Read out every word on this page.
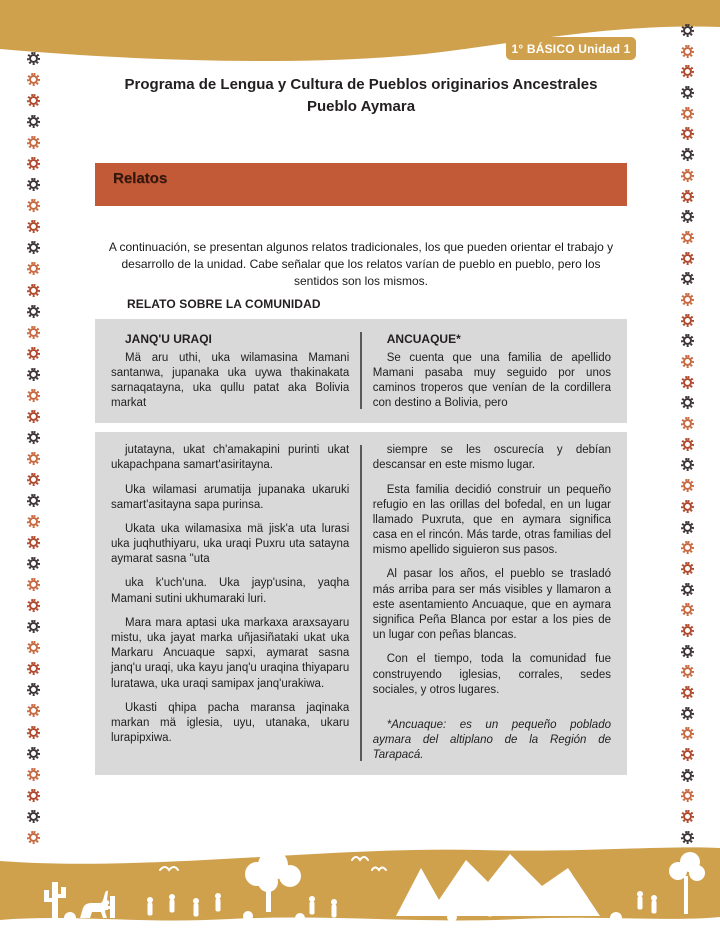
1° BÁSICO Unidad 1
Programa de Lengua y Cultura de Pueblos originarios Ancestrales
Pueblo Aymara
Relatos

A continuación, se presentan algunos relatos tradicionales, los que pueden orientar el trabajo y desarrollo de la unidad. Cabe señalar que los relatos varían de pueblo en pueblo, pero los sentidos son los mismos.

RELATO SOBRE LA COMUNIDAD
JANQ'U URAQI

Mä aru uthi, uka wilamasina Mamani santanwa, jupanaka uka uywa thakinakata sarnaqatayna, uka qullu patat aka Bolivia markat

ANCUAQUE*

Se cuenta que una familia de apellido Mamani pasaba muy seguido por unos caminos troperos que venían de la cordillera con destino a Bolivia, pero

jutatayna, ukat ch'amakapini purinti ukat ukapachpana samart'asiritayna.

Uka wilamasi arumatija jupanaka ukaruki samart'asitayna sapa purinsa.

Ukata uka wilamasixa mä jisk'a uta lurasi uka juqhuthiyaru, uka uraqi Puxru uta satayna aymarat sasna "uta

uka k'uch'una. Uka jayp'usina, yaqha Mamani sutini ukhumaraki luri.

Mara mara aptasi uka markaxa araxsayaru mistu, uka jayat marka uñjasiñataki ukat uka Markaru Ancuaque sapxi, aymarat sasna janq'u uraqi, uka kayu janq'u uraqina thiyaparu luratawa, uka uraqi samipax janq'urakiwa.

Ukasti qhipa pacha maransa jaqinaka markan mä iglesia, uyu, utanaka, ukaru lurapipxiwa.

siempre se les oscurecía y debían descansar en este mismo lugar.

Esta familia decidió construir un pequeño refugio en las orillas del bofedal, en un lugar llamado Puxruta, que en aymara significa casa en el rincón. Más tarde, otras familias del mismo apellido siguieron sus pasos.

Al pasar los años, el pueblo se trasladó más arriba para ser más visibles y llamaron a este asentamiento Ancuaque, que en aymara significa Peña Blanca por estar a los pies de un lugar con peñas blancas.

Con el tiempo, toda la comunidad fue construyendo iglesias, corrales, sedes sociales, y otros lugares.

*Ancuaque: es un pequeño poblado aymara del altiplano de la Región de Tarapacá.
